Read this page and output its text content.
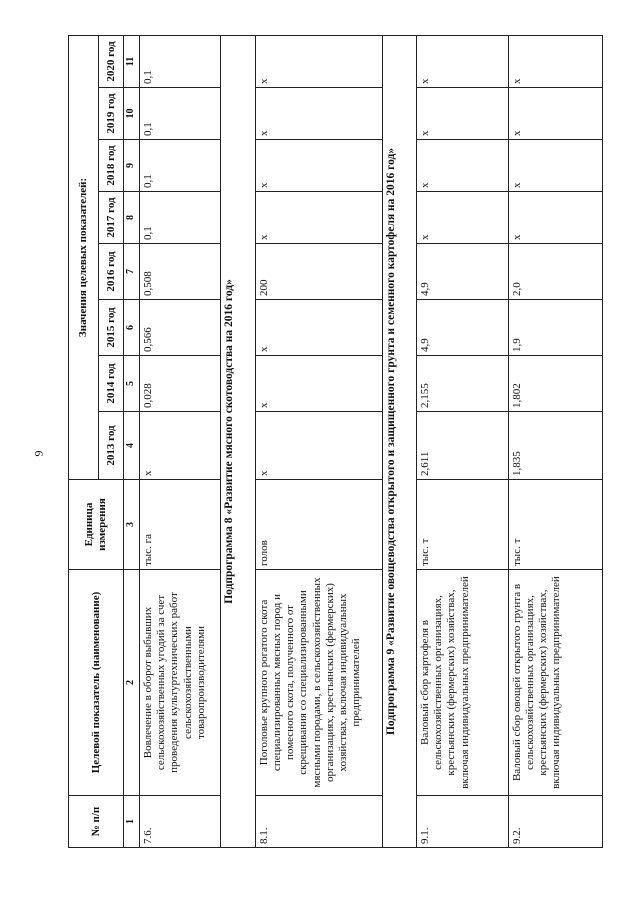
9
№ п/п	Целевой показатель (наименование)	Единица измерения	Значения целевых показателей:							
			2013 год	2014 год	2015 год	2016 год	2017 год	2018 год	2019 год	2020 год
1	2	3	4	5	6	7	8	9	10	11
7.6.	Вовлечение в оборот выбывших сельскохозяйственных угодий за счет проведения культуртехнических работ сельскохозяйственными товаропроизводителями	тыс. га	х	0,028	0,566	0,508	0,1	0,1	0,1	0,1
Подпрограмма 8 «Развитие мясного скотоводства на 2016 год»										
8.1.	Поголовье крупного рогатого скота специализированных мясных пород и помесного скота, полученного от скрещивания со специализированными мясными породами, в сельскохозяйственных организациях, крестьянских (фермерских) хозяйствах, включая индивидуальных предпринимателей	голов	х	х	х	200	х	х	х	х
Подпрограмма 9 «Развитие овощеводства открытого и защищенного грунта и семенного картофеля на 2016 год»										
9.1.	Валовый сбор картофеля в сельскохозяйственных организациях, крестьянских (фермерских) хозяйствах, включая индивидуальных предпринимателей	тыс. т	2,611	2,155	4,9	4,9	х	х	х	х
9.2.	Валовый сбор овощей открытого грунта в сельскохозяйственных организациях, крестьянских (фермерских) хозяйствах, включая индивидуальных предпринимателей	тыс. т	1,835	1,802	1,9	2,0	х	х	х	х
